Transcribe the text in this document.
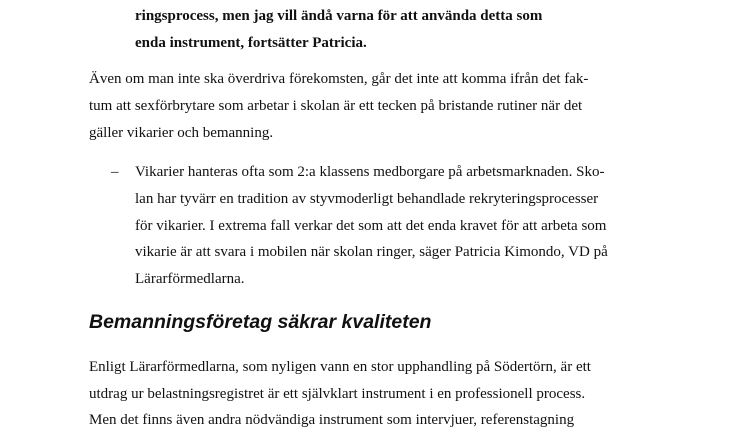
ringsprocess, men jag vill ändå varna för att använda detta som
enda instrument, fortsätter Patricia.
Även om man inte ska överdriva förekomsten, går det inte att komma ifrån det fak-
tum att sexförbrytare som arbetar i skolan är ett tecken på bristande rutiner när det
gäller vikarier och bemanning.
– Vikarier hanteras ofta som 2:a klassens medborgare på arbetsmarknaden. Sko-
lan har tyvärr en tradition av styvmoderligt behandlade rekryteringsprocesser
för vikarier. I extrema fall verkar det som att det enda kravet för att arbeta som
vikarie är att svara i mobilen när skolan ringer, säger Patricia Kimondo, VD på
Lärarförmedlarna.
Bemanningsföretag säkrar kvaliteten
Enligt Lärarförmedlarna, som nyligen vann en stor upphandling på Södertörn, är ett
utdrag ur belastningsregistret är ett självklart instrument i en professionell process.
Men det finns även andra nödvändiga instrument som intervjuer, referenstagning
